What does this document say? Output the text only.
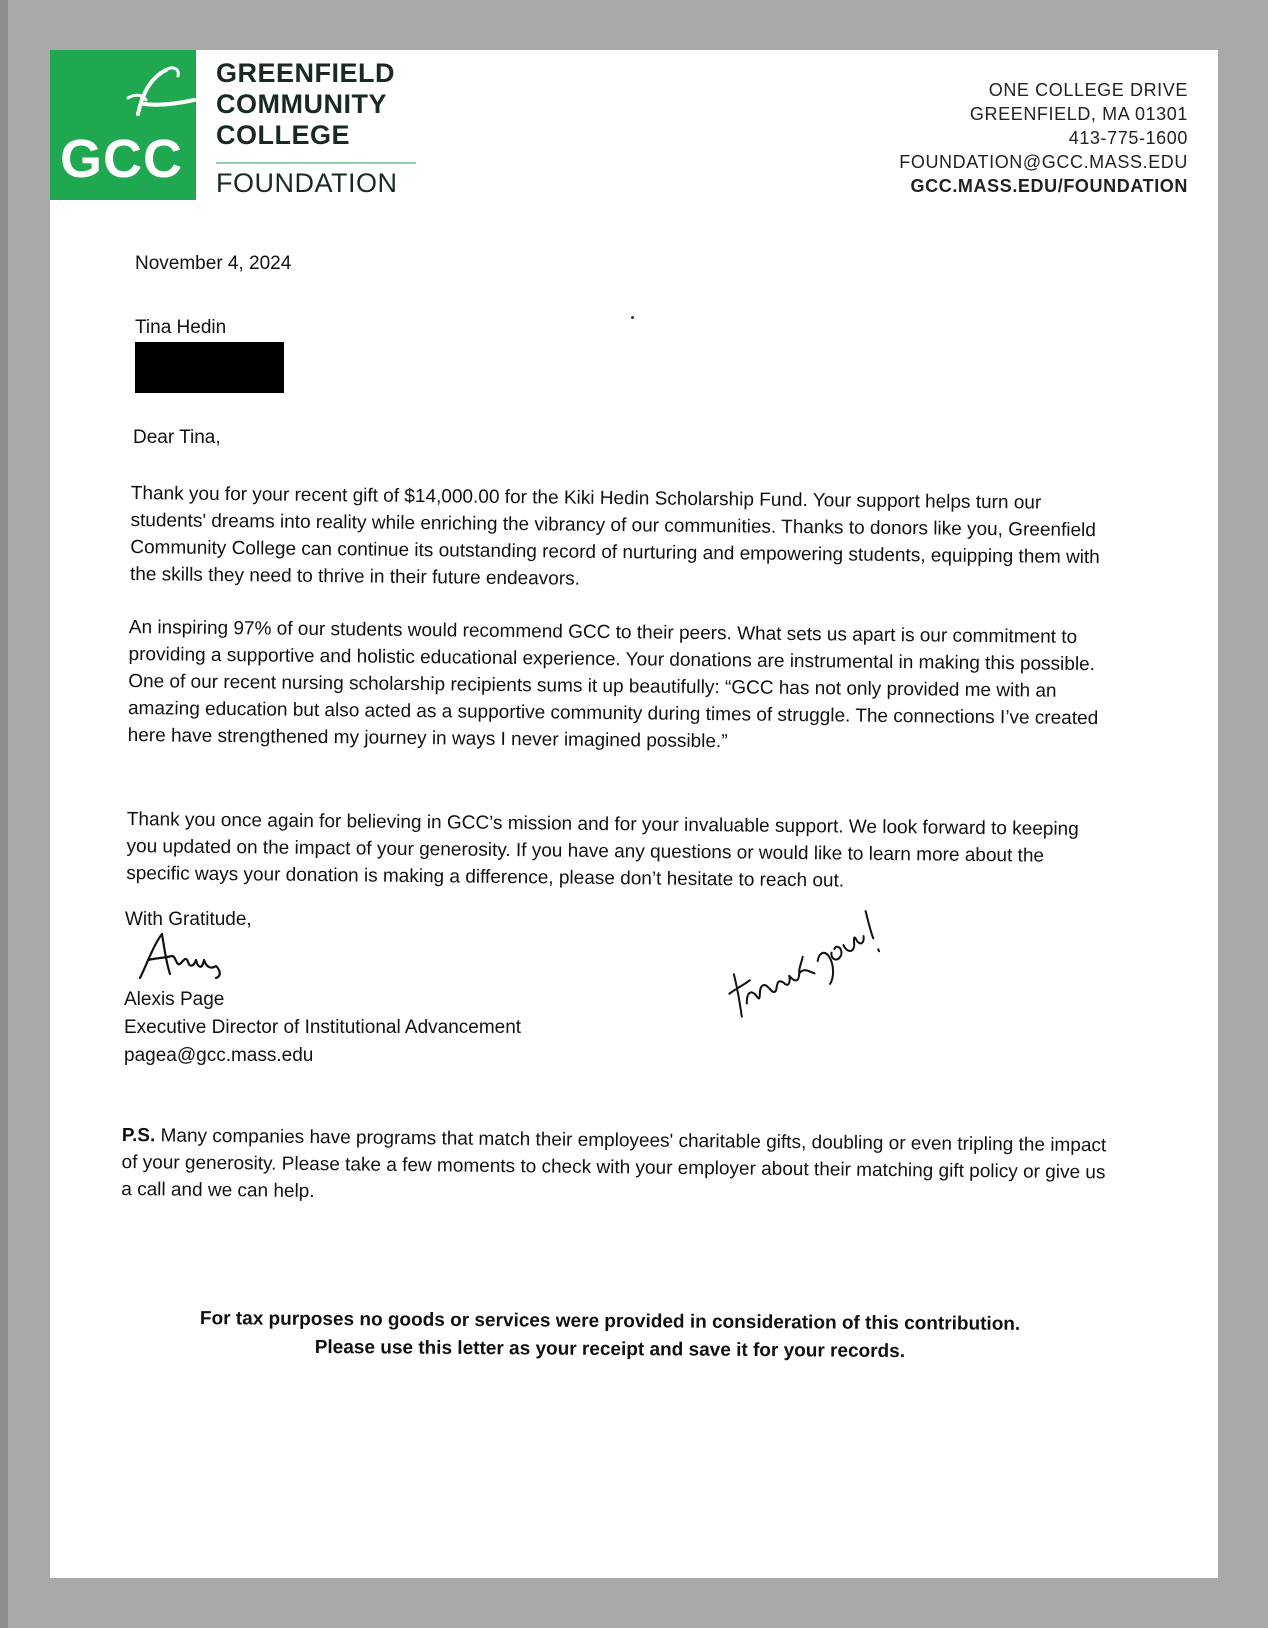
GCC
GREENFIELD
COMMUNITY
COLLEGE
FOUNDATION
ONE COLLEGE DRIVE
GREENFIELD, MA 01301
413-775-1600
FOUNDATION@GCC.MASS.EDU
GCC.MASS.EDU/FOUNDATION
November 4, 2024
Tina Hedin
Dear Tina,
Thank you for your recent gift of $14,000.00 for the Kiki Hedin Scholarship Fund. Your support helps turn our students' dreams into reality while enriching the vibrancy of our communities. Thanks to donors like you, Greenfield Community College can continue its outstanding record of nurturing and empowering students, equipping them with the skills they need to thrive in their future endeavors.
An inspiring 97% of our students would recommend GCC to their peers. What sets us apart is our commitment to providing a supportive and holistic educational experience. Your donations are instrumental in making this possible. One of our recent nursing scholarship recipients sums it up beautifully: “GCC has not only provided me with an amazing education but also acted as a supportive community during times of struggle. The connections I’ve created here have strengthened my journey in ways I never imagined possible.”
Thank you once again for believing in GCC’s mission and for your invaluable support. We look forward to keeping you updated on the impact of your generosity. If you have any questions or would like to learn more about the specific ways your donation is making a difference, please don’t hesitate to reach out.
With Gratitude,
Alexis Page
Executive Director of Institutional Advancement
pagea@gcc.mass.edu
P.S. Many companies have programs that match their employees' charitable gifts, doubling or even tripling the impact of your generosity. Please take a few moments to check with your employer about their matching gift policy or give us a call and we can help.
For tax purposes no goods or services were provided in consideration of this contribution.
Please use this letter as your receipt and save it for your records.
